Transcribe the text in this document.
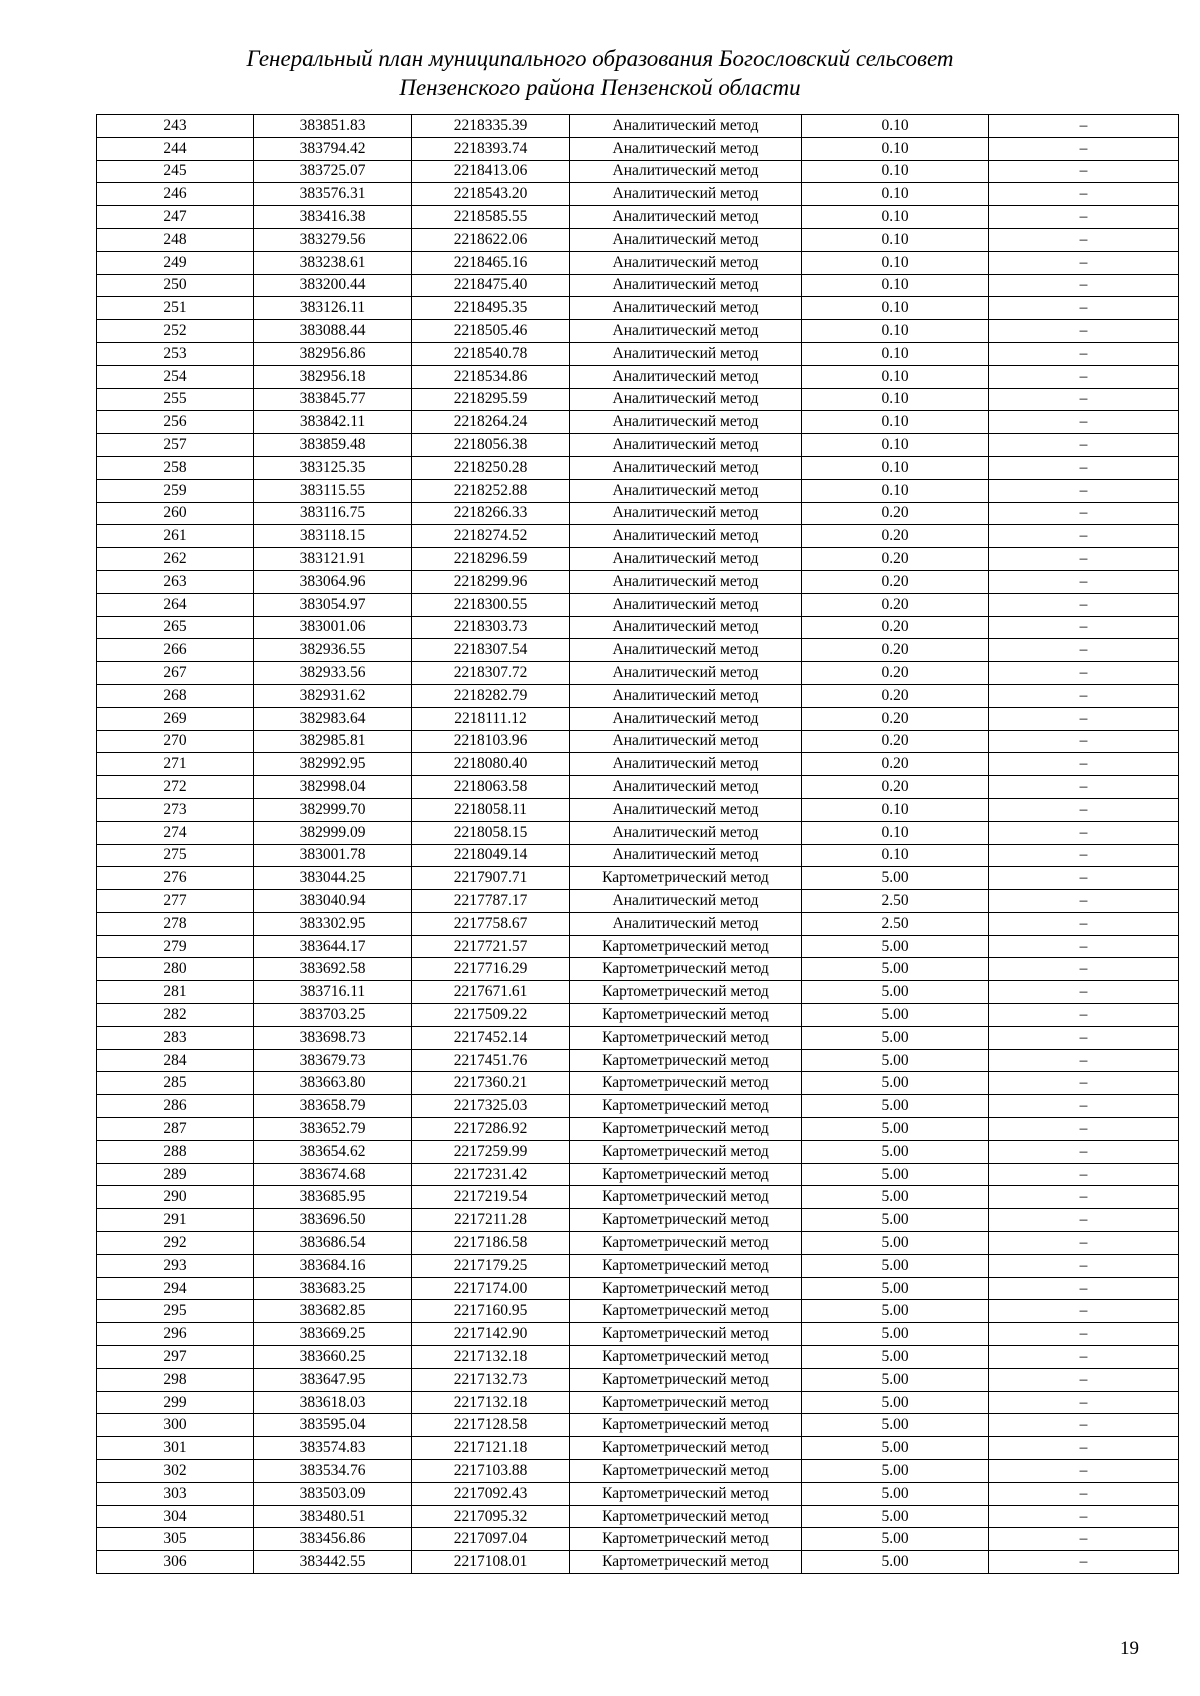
Генеральный план муниципального образования Богословский сельсовет
Пензенского района Пензенской области
243	383851.83	2218335.39	Аналитический метод	0.10	–
244	383794.42	2218393.74	Аналитический метод	0.10	–
245	383725.07	2218413.06	Аналитический метод	0.10	–
246	383576.31	2218543.20	Аналитический метод	0.10	–
247	383416.38	2218585.55	Аналитический метод	0.10	–
248	383279.56	2218622.06	Аналитический метод	0.10	–
249	383238.61	2218465.16	Аналитический метод	0.10	–
250	383200.44	2218475.40	Аналитический метод	0.10	–
251	383126.11	2218495.35	Аналитический метод	0.10	–
252	383088.44	2218505.46	Аналитический метод	0.10	–
253	382956.86	2218540.78	Аналитический метод	0.10	–
254	382956.18	2218534.86	Аналитический метод	0.10	–
255	383845.77	2218295.59	Аналитический метод	0.10	–
256	383842.11	2218264.24	Аналитический метод	0.10	–
257	383859.48	2218056.38	Аналитический метод	0.10	–
258	383125.35	2218250.28	Аналитический метод	0.10	–
259	383115.55	2218252.88	Аналитический метод	0.10	–
260	383116.75	2218266.33	Аналитический метод	0.20	–
261	383118.15	2218274.52	Аналитический метод	0.20	–
262	383121.91	2218296.59	Аналитический метод	0.20	–
263	383064.96	2218299.96	Аналитический метод	0.20	–
264	383054.97	2218300.55	Аналитический метод	0.20	–
265	383001.06	2218303.73	Аналитический метод	0.20	–
266	382936.55	2218307.54	Аналитический метод	0.20	–
267	382933.56	2218307.72	Аналитический метод	0.20	–
268	382931.62	2218282.79	Аналитический метод	0.20	–
269	382983.64	2218111.12	Аналитический метод	0.20	–
270	382985.81	2218103.96	Аналитический метод	0.20	–
271	382992.95	2218080.40	Аналитический метод	0.20	–
272	382998.04	2218063.58	Аналитический метод	0.20	–
273	382999.70	2218058.11	Аналитический метод	0.10	–
274	382999.09	2218058.15	Аналитический метод	0.10	–
275	383001.78	2218049.14	Аналитический метод	0.10	–
276	383044.25	2217907.71	Картометрический метод	5.00	–
277	383040.94	2217787.17	Аналитический метод	2.50	–
278	383302.95	2217758.67	Аналитический метод	2.50	–
279	383644.17	2217721.57	Картометрический метод	5.00	–
280	383692.58	2217716.29	Картометрический метод	5.00	–
281	383716.11	2217671.61	Картометрический метод	5.00	–
282	383703.25	2217509.22	Картометрический метод	5.00	–
283	383698.73	2217452.14	Картометрический метод	5.00	–
284	383679.73	2217451.76	Картометрический метод	5.00	–
285	383663.80	2217360.21	Картометрический метод	5.00	–
286	383658.79	2217325.03	Картометрический метод	5.00	–
287	383652.79	2217286.92	Картометрический метод	5.00	–
288	383654.62	2217259.99	Картометрический метод	5.00	–
289	383674.68	2217231.42	Картометрический метод	5.00	–
290	383685.95	2217219.54	Картометрический метод	5.00	–
291	383696.50	2217211.28	Картометрический метод	5.00	–
292	383686.54	2217186.58	Картометрический метод	5.00	–
293	383684.16	2217179.25	Картометрический метод	5.00	–
294	383683.25	2217174.00	Картометрический метод	5.00	–
295	383682.85	2217160.95	Картометрический метод	5.00	–
296	383669.25	2217142.90	Картометрический метод	5.00	–
297	383660.25	2217132.18	Картометрический метод	5.00	–
298	383647.95	2217132.73	Картометрический метод	5.00	–
299	383618.03	2217132.18	Картометрический метод	5.00	–
300	383595.04	2217128.58	Картометрический метод	5.00	–
301	383574.83	2217121.18	Картометрический метод	5.00	–
302	383534.76	2217103.88	Картометрический метод	5.00	–
303	383503.09	2217092.43	Картометрический метод	5.00	–
304	383480.51	2217095.32	Картометрический метод	5.00	–
305	383456.86	2217097.04	Картометрический метод	5.00	–
306	383442.55	2217108.01	Картометрический метод	5.00	–
19
